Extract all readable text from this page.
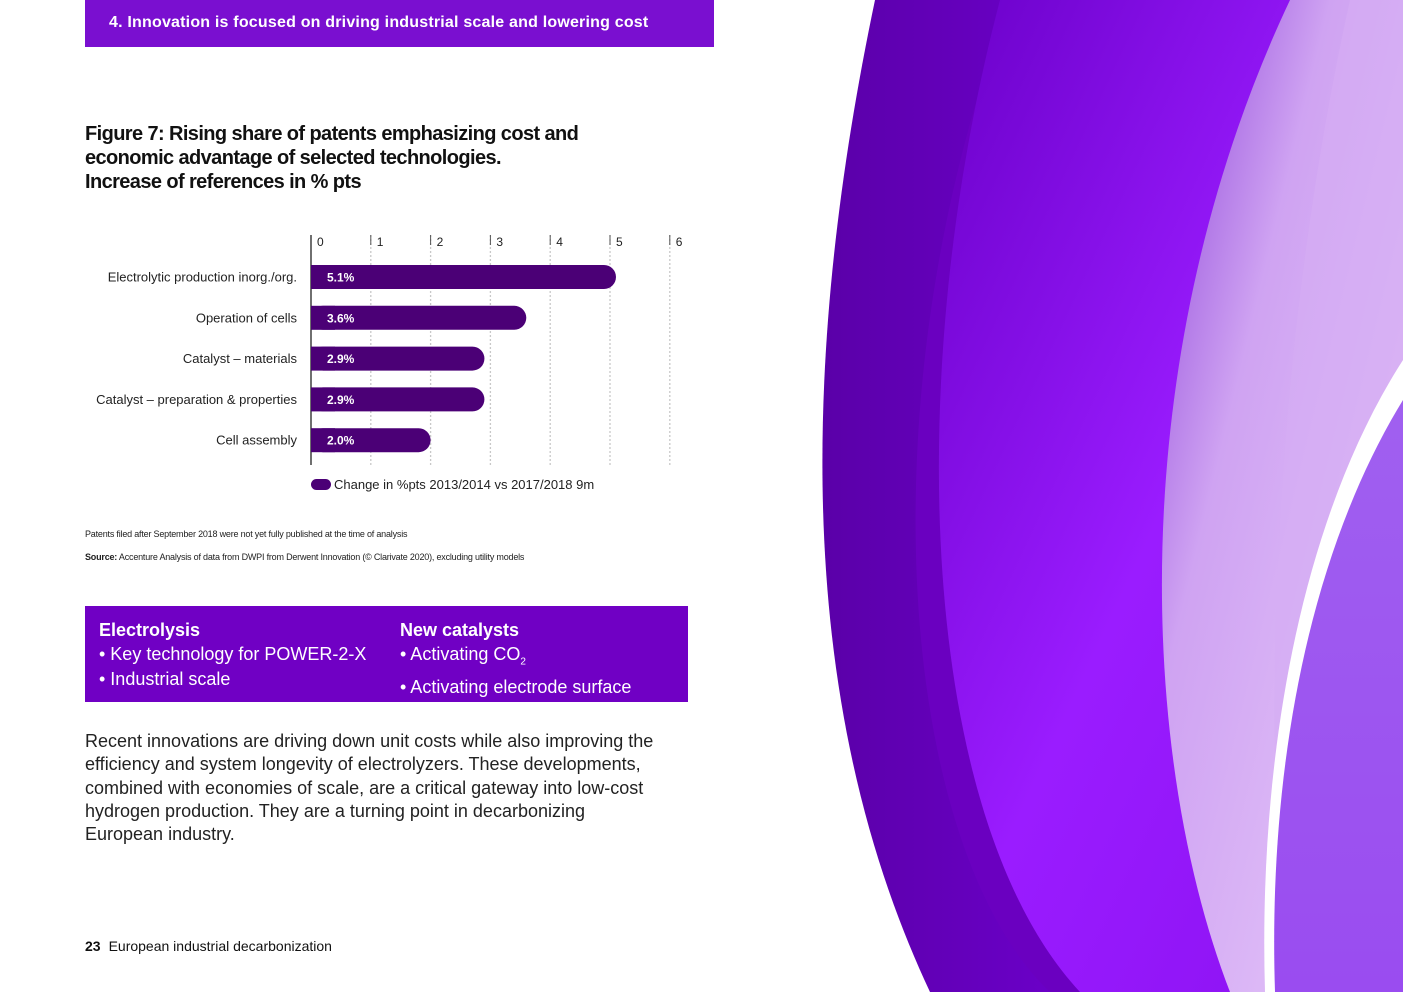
4. Innovation is focused on driving industrial scale and lowering cost
Figure 7: Rising share of patents emphasizing cost and
economic advantage of selected technologies.
Increase of references in % pts
0	1	2	3	4	5	6
5.1%
Electrolytic production inorg./org.
3.6%
Operation of cells
2.9%
Catalyst – materials
2.9%
Catalyst – preparation & properties
2.0%
Cell assembly
Change in %pts 2013/2014 vs 2017/2018 9m
Patents filed after September 2018 were not yet fully published at the time of analysis
Source: Accenture Analysis of data from DWPI from Derwent Innovation (© Clarivate 2020), excluding utility models
Electrolysis
• Key technology for POWER-2-X
• Industrial scale
New catalysts
• Activating $CO_2$
• Activating electrode surface
Recent innovations are driving down unit costs while also improving the
efficiency and system longevity of electrolyzers. These developments,
combined with economies of scale, are a critical gateway into low-cost
hydrogen production. They are a turning point in decarbonizing
European industry.
23 European industrial decarbonization
